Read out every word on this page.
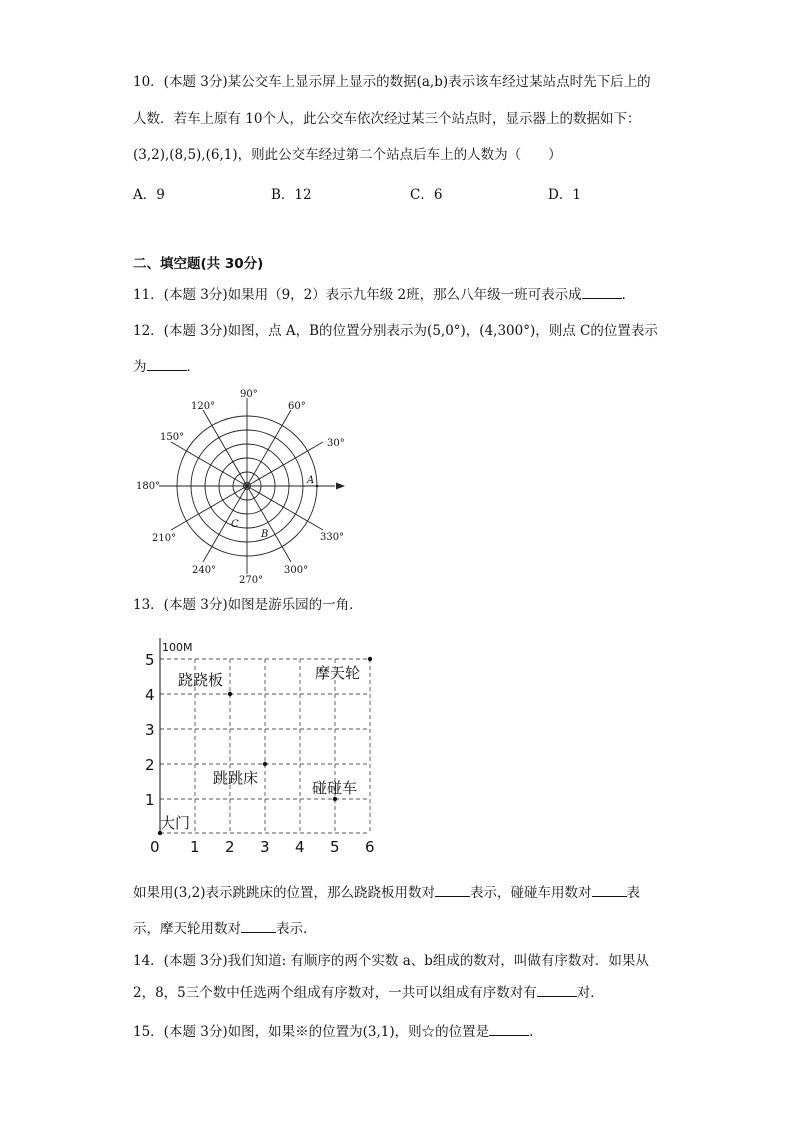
10．(本题 3分)某公交车上显示屏上显示的数据(a,b)表示该车经过某站点时先下后上的
人数．若车上原有 10个人，此公交车依次经过某三个站点时，显示器上的数据如下：
(3,2),(8,5),(6,1)，则此公交车经过第二个站点后车上的人数为（　　）
A．9	B．12	C．6	D．1
二、填空题(共 30分)
11．(本题 3分)如果用（9，2）表示九年级 2班，那么八年级一班可表示成	．
12．(本题 3分)如图，点 A，B的位置分别表示为(5,0°)，(4,300°)，则点 C的位置表示
为	．
90°
60°
30°
120°
150°
180°
210°
240°
270°
300°
330°
A
B
C
13．(本题 3分)如图是游乐园的一角．
0 1 2 3 4 5 6
1
2
3
4
5
100M
跷跷板	摩天轮
跳跳床
碰碰车
大门
如果用(3,2)表示跳跳床的位置，那么跷跷板用数对	表示，碰碰车用数对	表
示，摩天轮用数对	表示．
14．(本题 3分)我们知道: 有顺序的两个实数 a、b组成的数对，叫做有序数对．如果从
2，8，5三个数中任选两个组成有序数对，一共可以组成有序数对有	对．
15．(本题 3分)如图，如果※的位置为(3,1)，则☆的位置是	．
